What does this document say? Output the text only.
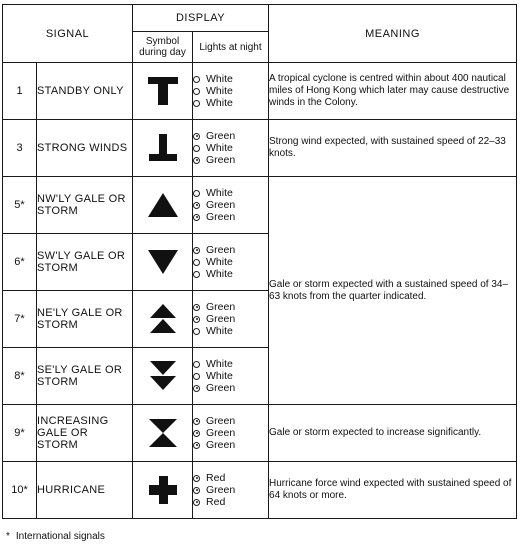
SIGNAL		DISPLAY		MEANING
		Symbol during day	Lights at night	
1	STANDBY ONLY		White
White
White	A tropical cyclone is centred within about 400 nautical miles of Hong Kong which later may cause destructive winds in the Colony.
3	STRONG WINDS		Green
White
Green	Strong wind expected, with sustained speed of 22–33 knots.
5*	NW'LY GALE OR STORM		White
Green
Green	Gale or storm expected with a sustained speed of 34–63 knots from the quarter indicated.
6*	SW'LY GALE OR STORM		Green
White
White	

7*	NE'LY GALE OR STORM		Green
Green
White	

8*	SE'LY GALE OR STORM		White
White
Green	

9*	INCREASING GALE OR STORM		Green
Green
Green	Gale or storm expected to increase significantly.
10*	HURRICANE		Red
Green
Red	Hurricane force wind expected with sustained speed of 64 knots or more.
* International signals
